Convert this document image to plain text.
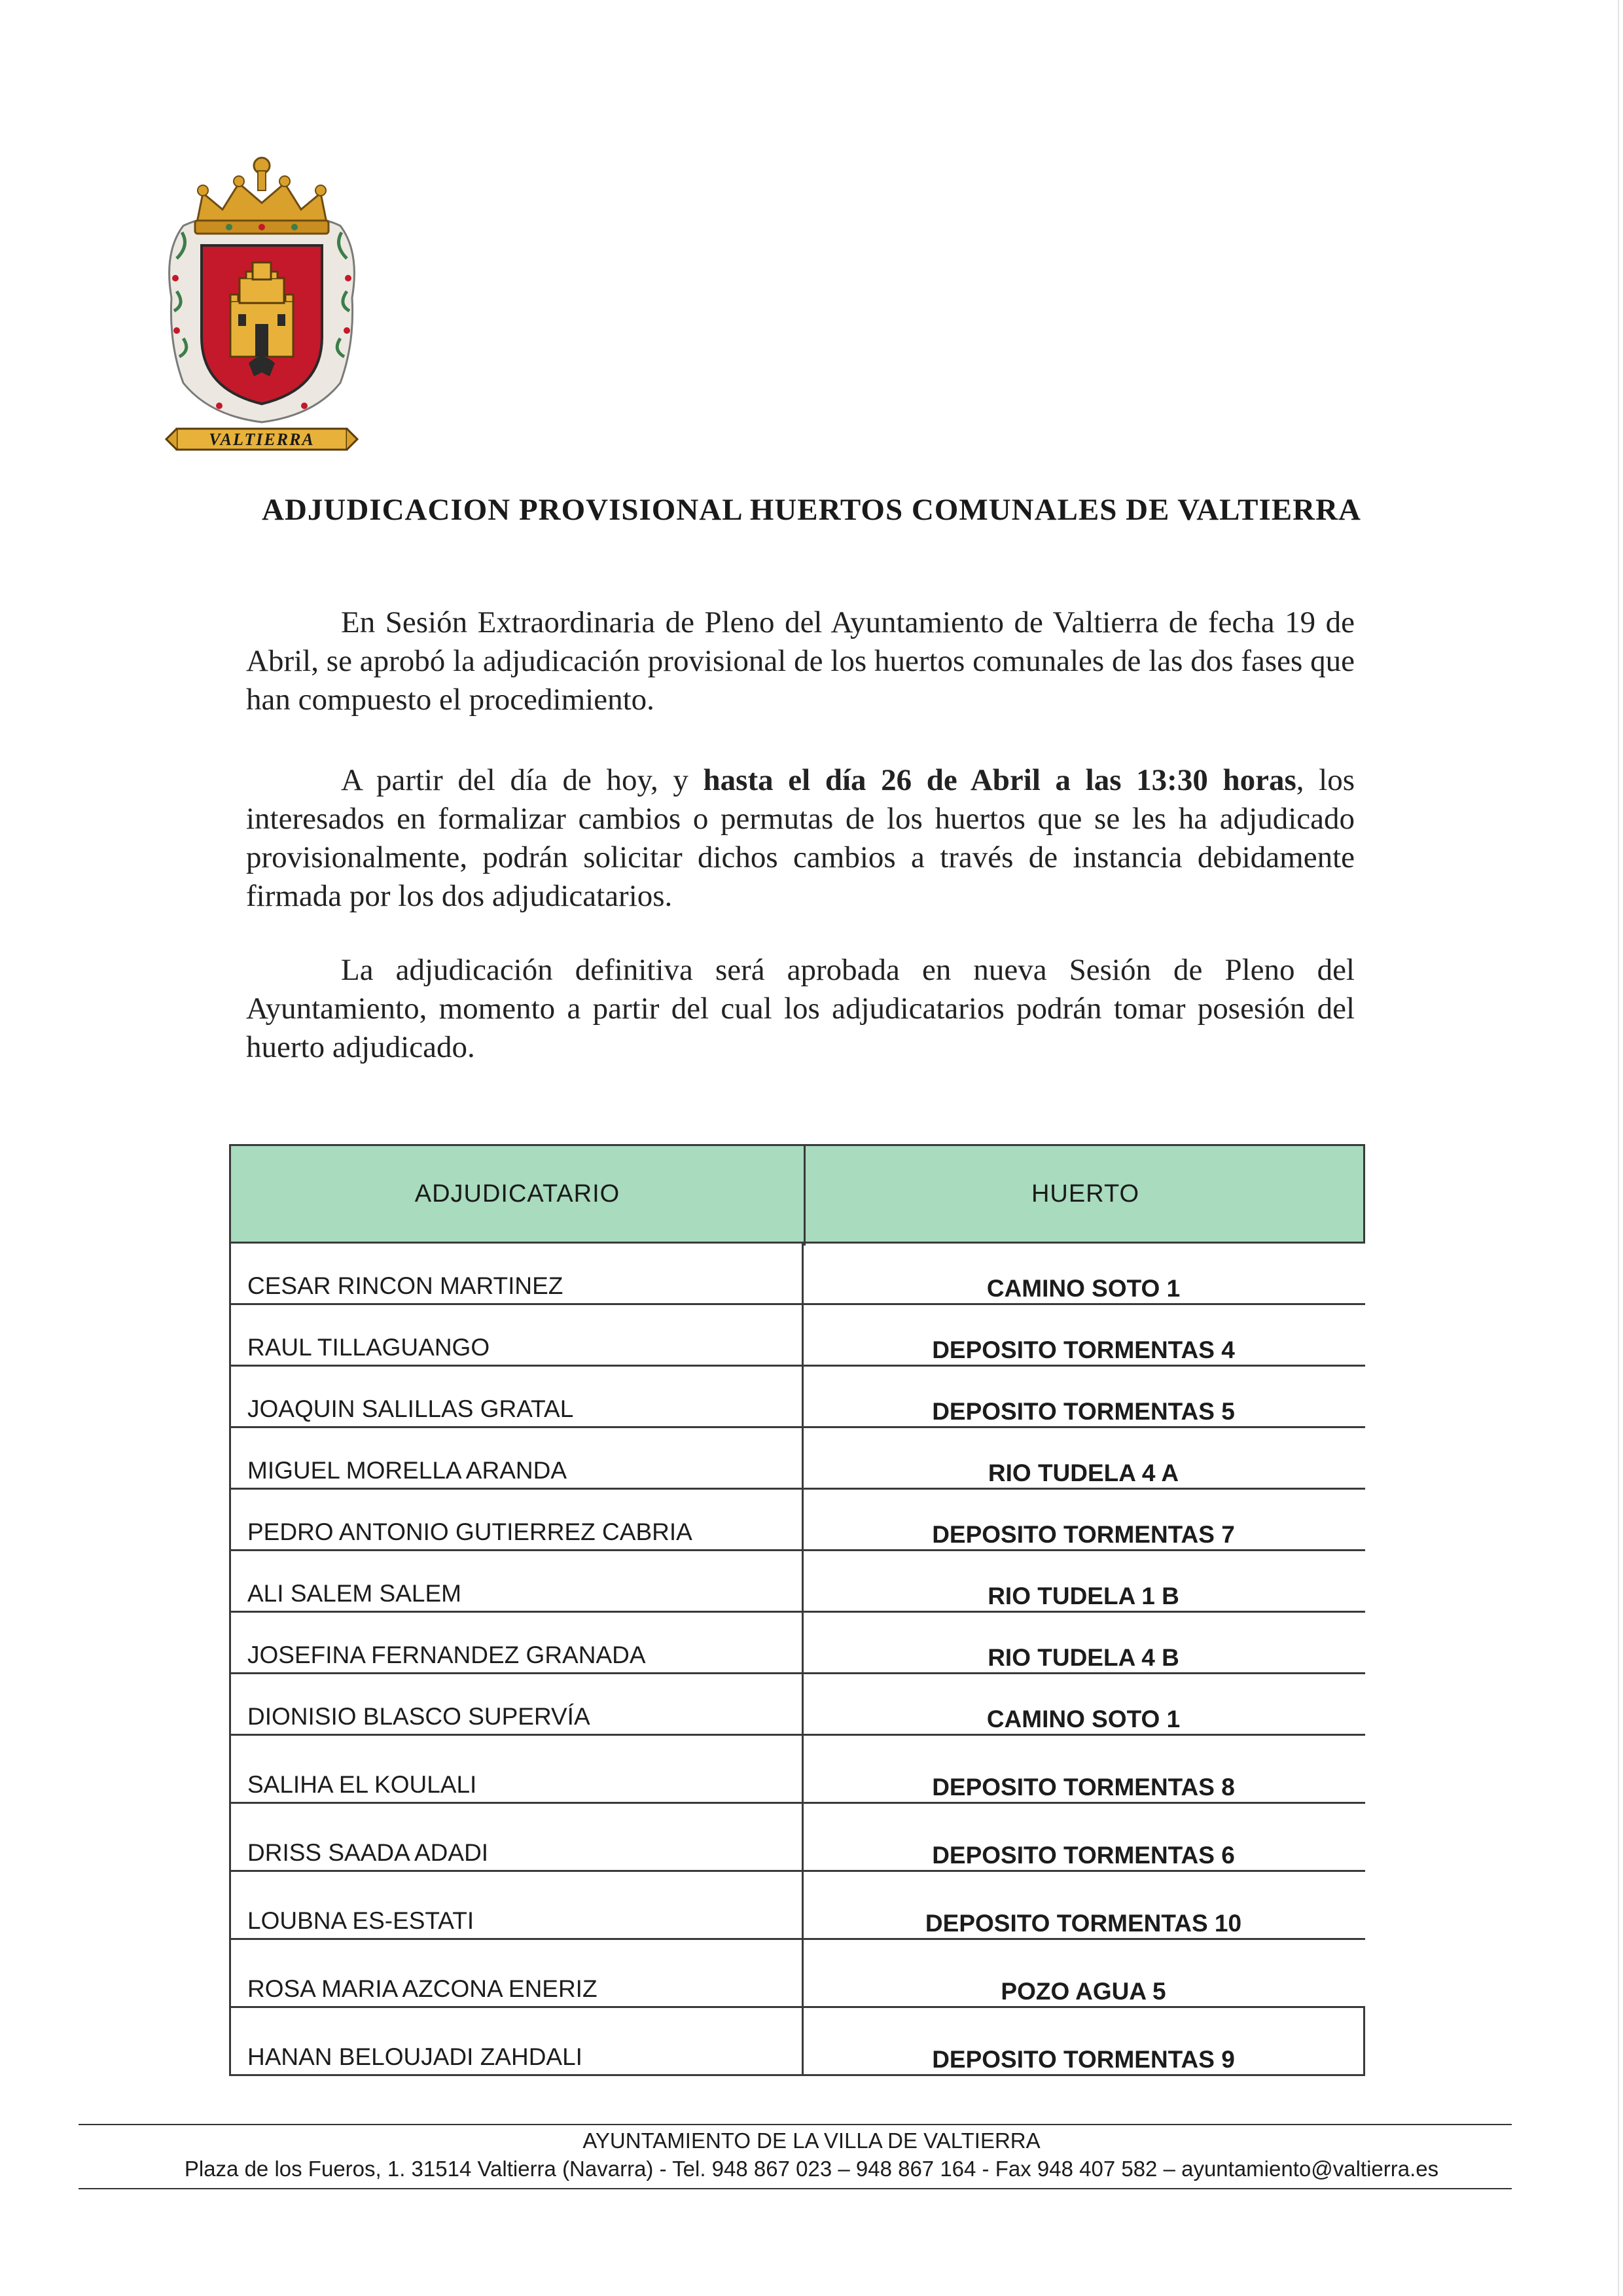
VALTIERRA
ADJUDICACION PROVISIONAL HUERTOS COMUNALES DE VALTIERRA

En Sesión Extraordinaria de Pleno del Ayuntamiento de Valtierra de fecha 19 de Abril, se aprobó la adjudicación provisional de los huertos comunales de las dos fases que han compuesto el procedimiento.

A partir del día de hoy, y hasta el día 26 de Abril a las 13:30 horas, los interesados en formalizar cambios o permutas de los huertos que se les ha adjudicado provisionalmente, podrán solicitar dichos cambios a través de instancia debidamente firmada por los dos adjudicatarios.

La adjudicación definitiva será aprobada en nueva Sesión de Pleno del Ayuntamiento, momento a partir del cual los adjudicatarios podrán tomar posesión del huerto adjudicado.

ADJUDICATARIO	HUERTO
CESAR RINCON MARTINEZ	CAMINO SOTO 1
RAUL TILLAGUANGO	DEPOSITO TORMENTAS 4
JOAQUIN SALILLAS GRATAL	DEPOSITO TORMENTAS 5
MIGUEL MORELLA ARANDA	RIO TUDELA 4 A
PEDRO ANTONIO GUTIERREZ CABRIA	DEPOSITO TORMENTAS 7
ALI SALEM SALEM	RIO TUDELA 1 B
JOSEFINA FERNANDEZ GRANADA	RIO TUDELA 4 B
DIONISIO BLASCO SUPERVÍA	CAMINO SOTO 1
SALIHA EL KOULALI	DEPOSITO TORMENTAS 8
DRISS SAADA ADADI	DEPOSITO TORMENTAS 6
LOUBNA ES-ESTATI	DEPOSITO TORMENTAS 10
ROSA MARIA AZCONA ENERIZ	POZO AGUA 5
HANAN BELOUJADI ZAHDALI	DEPOSITO TORMENTAS 9
AYUNTAMIENTO DE LA VILLA DE VALTIERRA
Plaza de los Fueros, 1. 31514 Valtierra (Navarra) - Tel. 948 867 023 – 948 867 164 - Fax 948 407 582 – ayuntamiento@valtierra.es
